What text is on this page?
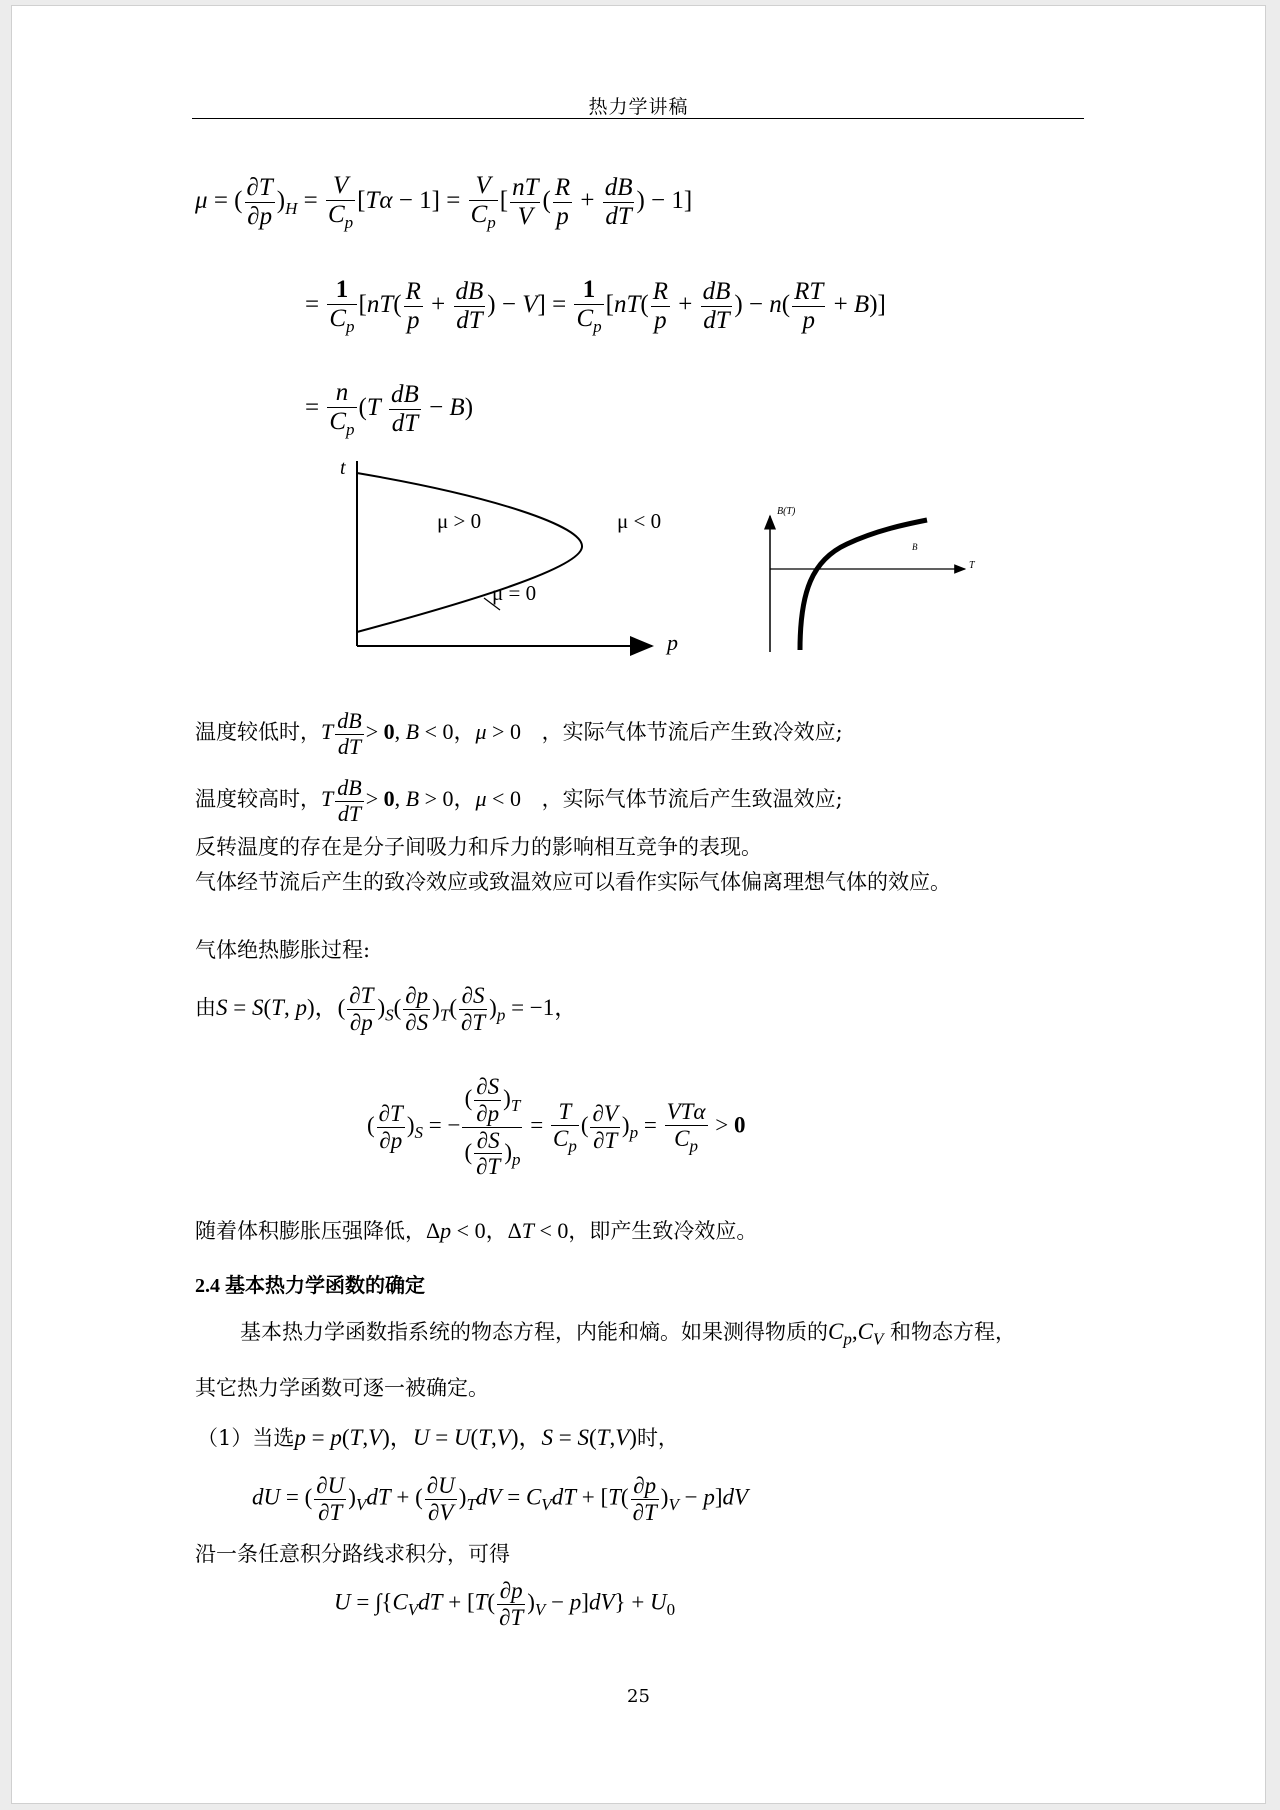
热力学讲稿
μ = ( $\frac{\partial T}{\partial p} )_H = \frac{V}{C_p} [T\alpha - 1] = \frac{V}{C_p}$ [ $\frac{nT}{V}$ ( $\frac{R}{p} + \frac{dB}{dT}$ ) − 1]
= $\frac{1}{C_p} [nT( \frac{R}{p} + \frac{dB}{dT}$ ) − $V] = \frac{1}{C_p} [nT( \frac{R}{p} + \frac{dB}{dT}$ ) − $n( \frac{RT}{p} + B)$]
= $\frac{n}{C_p} (T \frac{dB}{dT} - B)$
t
p
μ > 0	μ < 0
μ = 0
B(T)
T
B
温度较低时，T $\frac{dB}{dT} > 0$, B < 0，μ > 0 ，实际气体节流后产生致冷效应;
温度较高时，T $\frac{dB}{dT} > 0$, B > 0，μ < 0 ，实际气体节流后产生致温效应;
反转温度的存在是分子间吸力和斥力的影响相互竞争的表现。
气体经节流后产生的致冷效应或致温效应可以看作实际气体偏离理想气体的效应。
气体绝热膨胀过程:
由S = S(T, p)，( $\frac{\partial T}{\partial p} )_S( \frac{\partial p}{\partial S} )_T( \frac{\partial S}{\partial T} )_p = -1$，
( $\frac{\partial T}{\partial p} )_S$ = − $\frac{( \frac{\partial S}{\partial p} )_T}{( \frac{\partial S}{\partial T} )_p} = \frac{T}{C_p}$ ( $\frac{\partial V}{\partial T} )_p = \frac{\text{VTα}}{C_p} > 0$
随着体积膨胀压强降低，Δp < 0，ΔT < 0，即产生致冷效应。
2.4 基本热力学函数的确定
基本热力学函数指系统的物态方程，内能和熵。如果测得物质的$C_p,C_V$ 和物态方程，
其它热力学函数可逐一被确定。
（1）当选p = p(T,V)，U = U(T,V)，S = S(T,V)时，
dU = ( $\frac{\partial U}{\partial T} )_VdT$ + ( $\frac{\partial U}{\partial V} )_TdV = C_VdT + [T( \frac{\partial p}{\partial T} )_V - p]dV$
沿一条任意积分路线求积分，可得
$U = \int\{C_VdT + [T( \frac{\partial p}{\partial T} )_V - p]dV\} + U_0$
25
